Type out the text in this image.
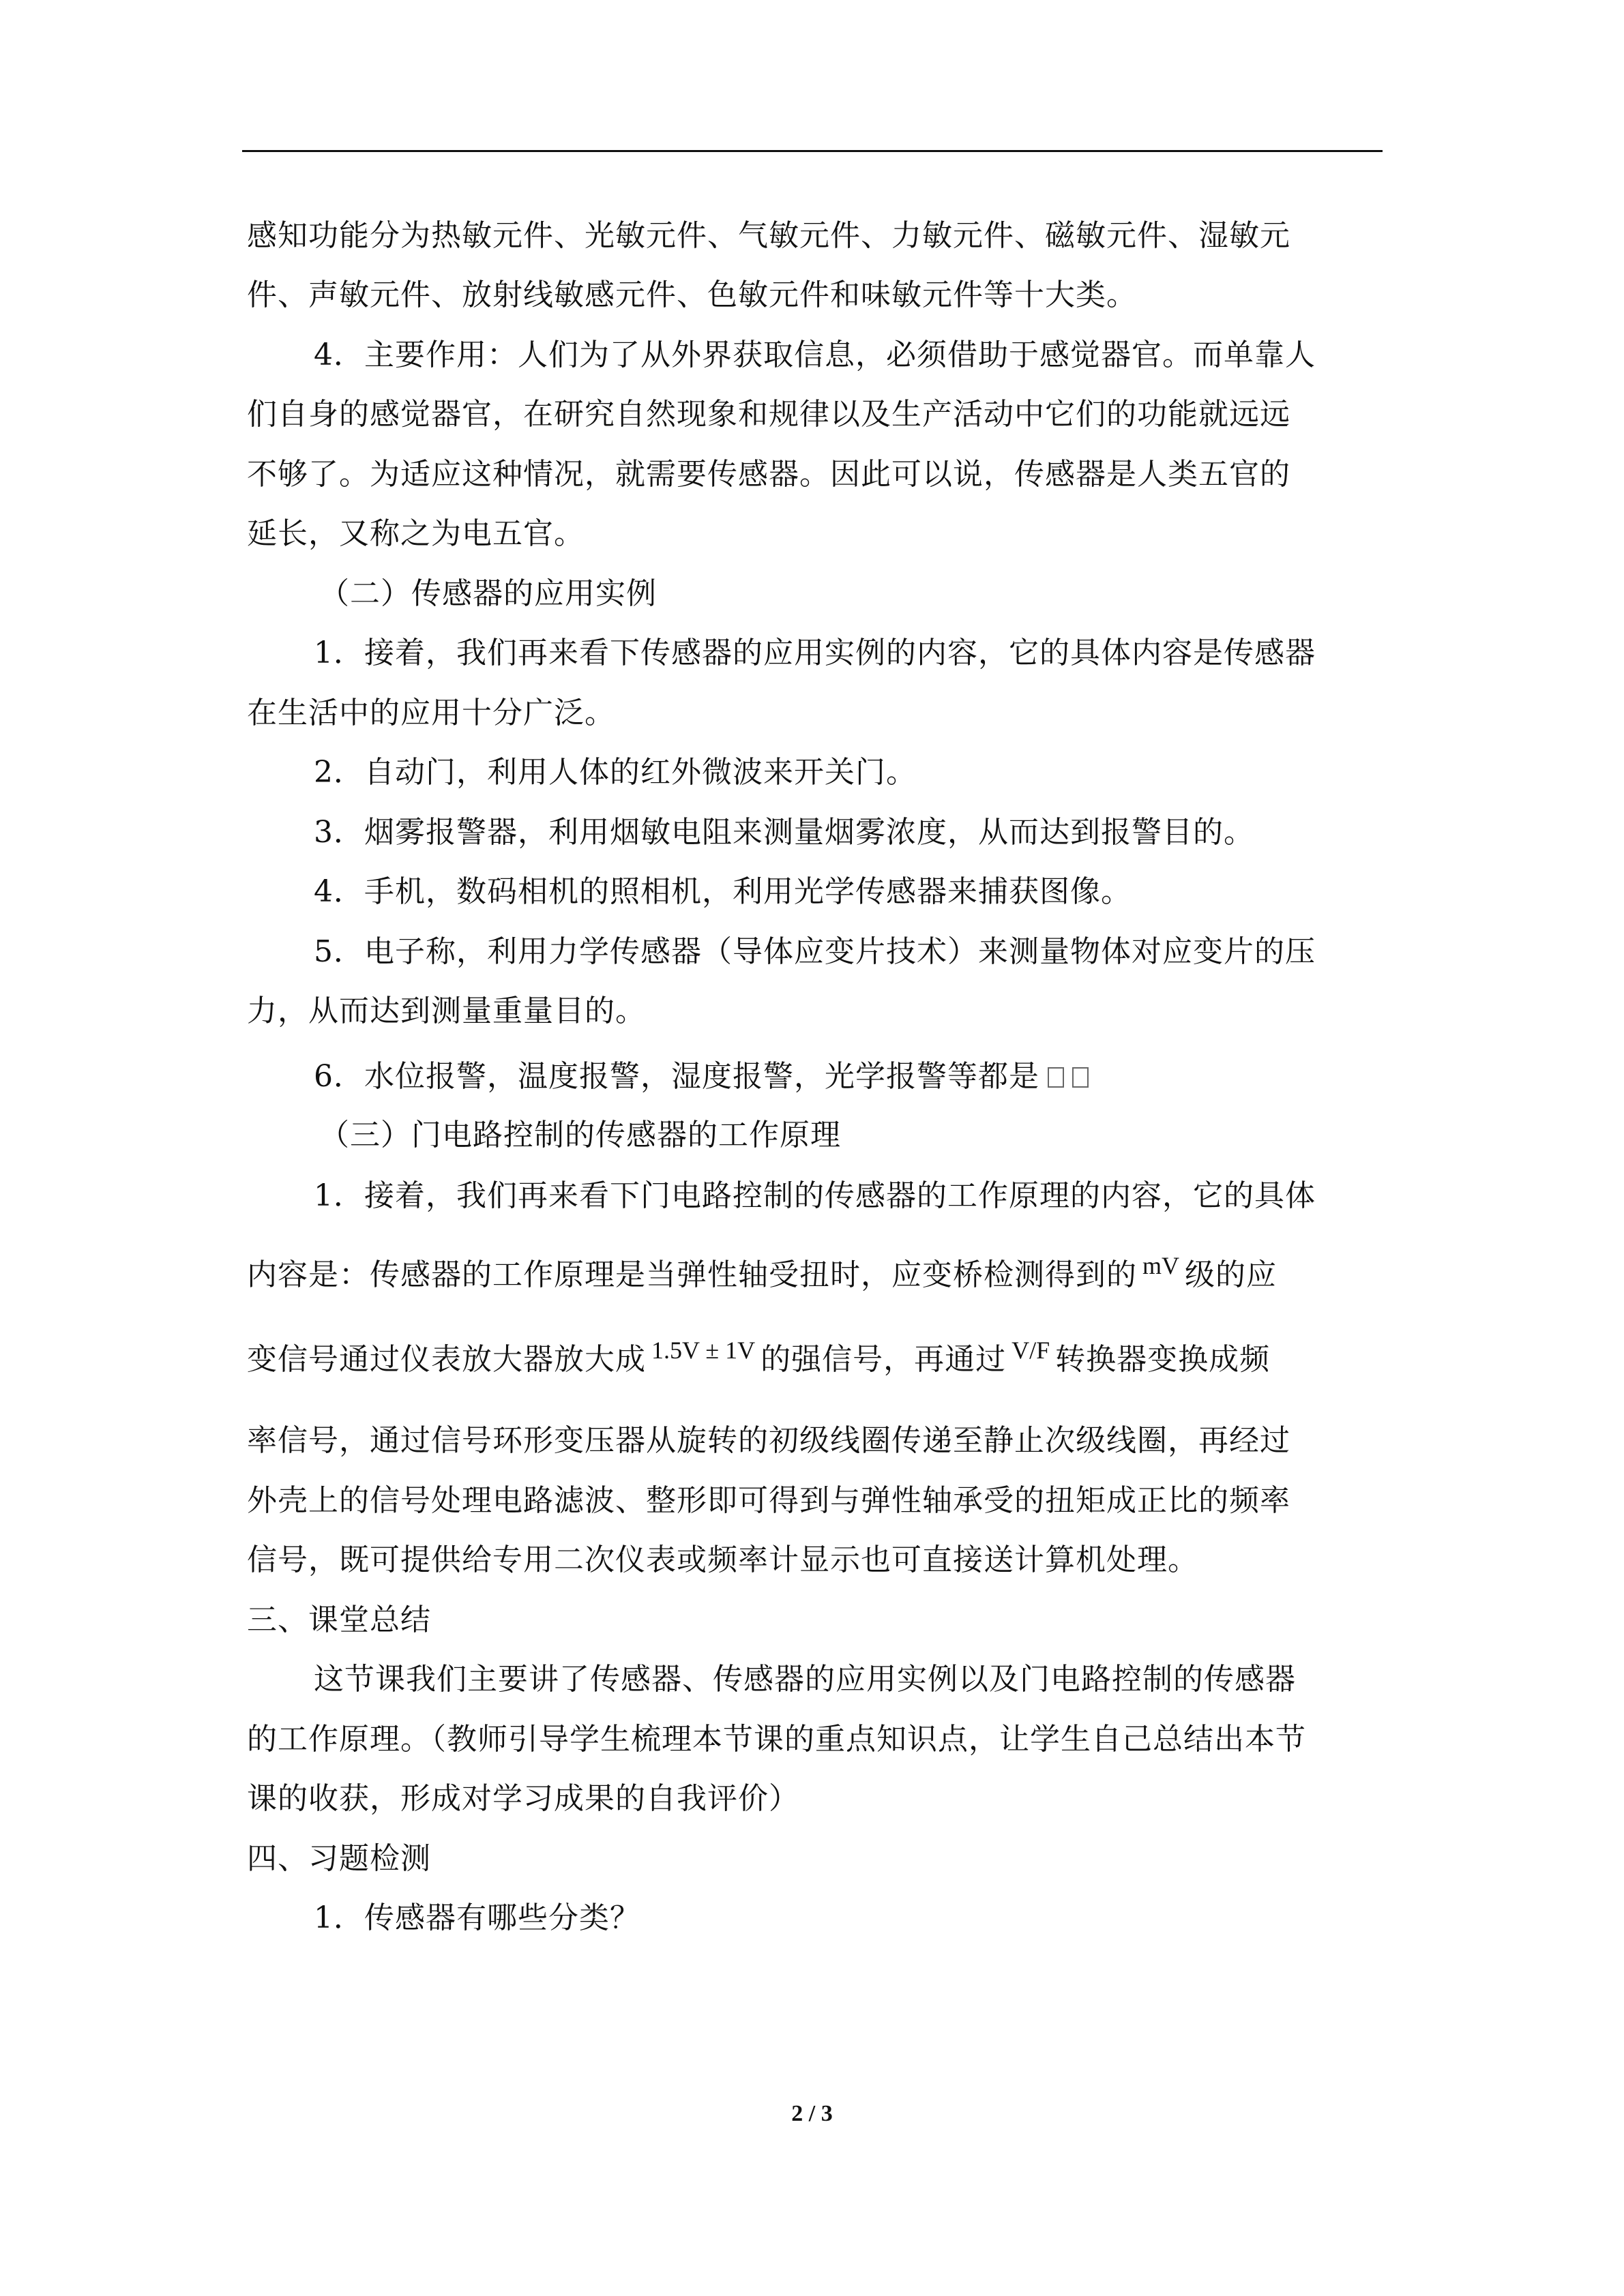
感知功能分为热敏元件、光敏元件、气敏元件、力敏元件、磁敏元件、湿敏元
件、声敏元件、放射线敏感元件、色敏元件和味敏元件等十大类。
4．主要作用：人们为了从外界获取信息，必须借助于感觉器官。而单靠人
们自身的感觉器官，在研究自然现象和规律以及生产活动中它们的功能就远远
不够了。为适应这种情况，就需要传感器。因此可以说，传感器是人类五官的
延长，又称之为电五官。
（二）传感器的应用实例
1．接着，我们再来看下传感器的应用实例的内容，它的具体内容是传感器
在生活中的应用十分广泛。
2．自动门，利用人体的红外微波来开关门。
3．烟雾报警器，利用烟敏电阻来测量烟雾浓度，从而达到报警目的。
4．手机，数码相机的照相机，利用光学传感器来捕获图像。
5．电子称，利用力学传感器（导体应变片技术）来测量物体对应变片的压
力，从而达到测量重量目的。
6．水位报警，温度报警，湿度报警，光学报警等都是
（三）门电路控制的传感器的工作原理
1．接着，我们再来看下门电路控制的传感器的工作原理的内容，它的具体
内容是：传感器的工作原理是当弹性轴受扭时，应变桥检测得到的 mV 级的应
变信号通过仪表放大器放大成 1.5V ± 1V 的强信号，再通过 V/F 转换器变换成频
率信号，通过信号环形变压器从旋转的初级线圈传递至静止次级线圈，再经过
外壳上的信号处理电路滤波、整形即可得到与弹性轴承受的扭矩成正比的频率
信号，既可提供给专用二次仪表或频率计显示也可直接送计算机处理。
三、课堂总结
这节课我们主要讲了传感器、传感器的应用实例以及门电路控制的传感器
的工作原理。（教师引导学生梳理本节课的重点知识点，让学生自己总结出本节
课的收获，形成对学习成果的自我评价）
四、习题检测
1．传感器有哪些分类？
2 / 3
